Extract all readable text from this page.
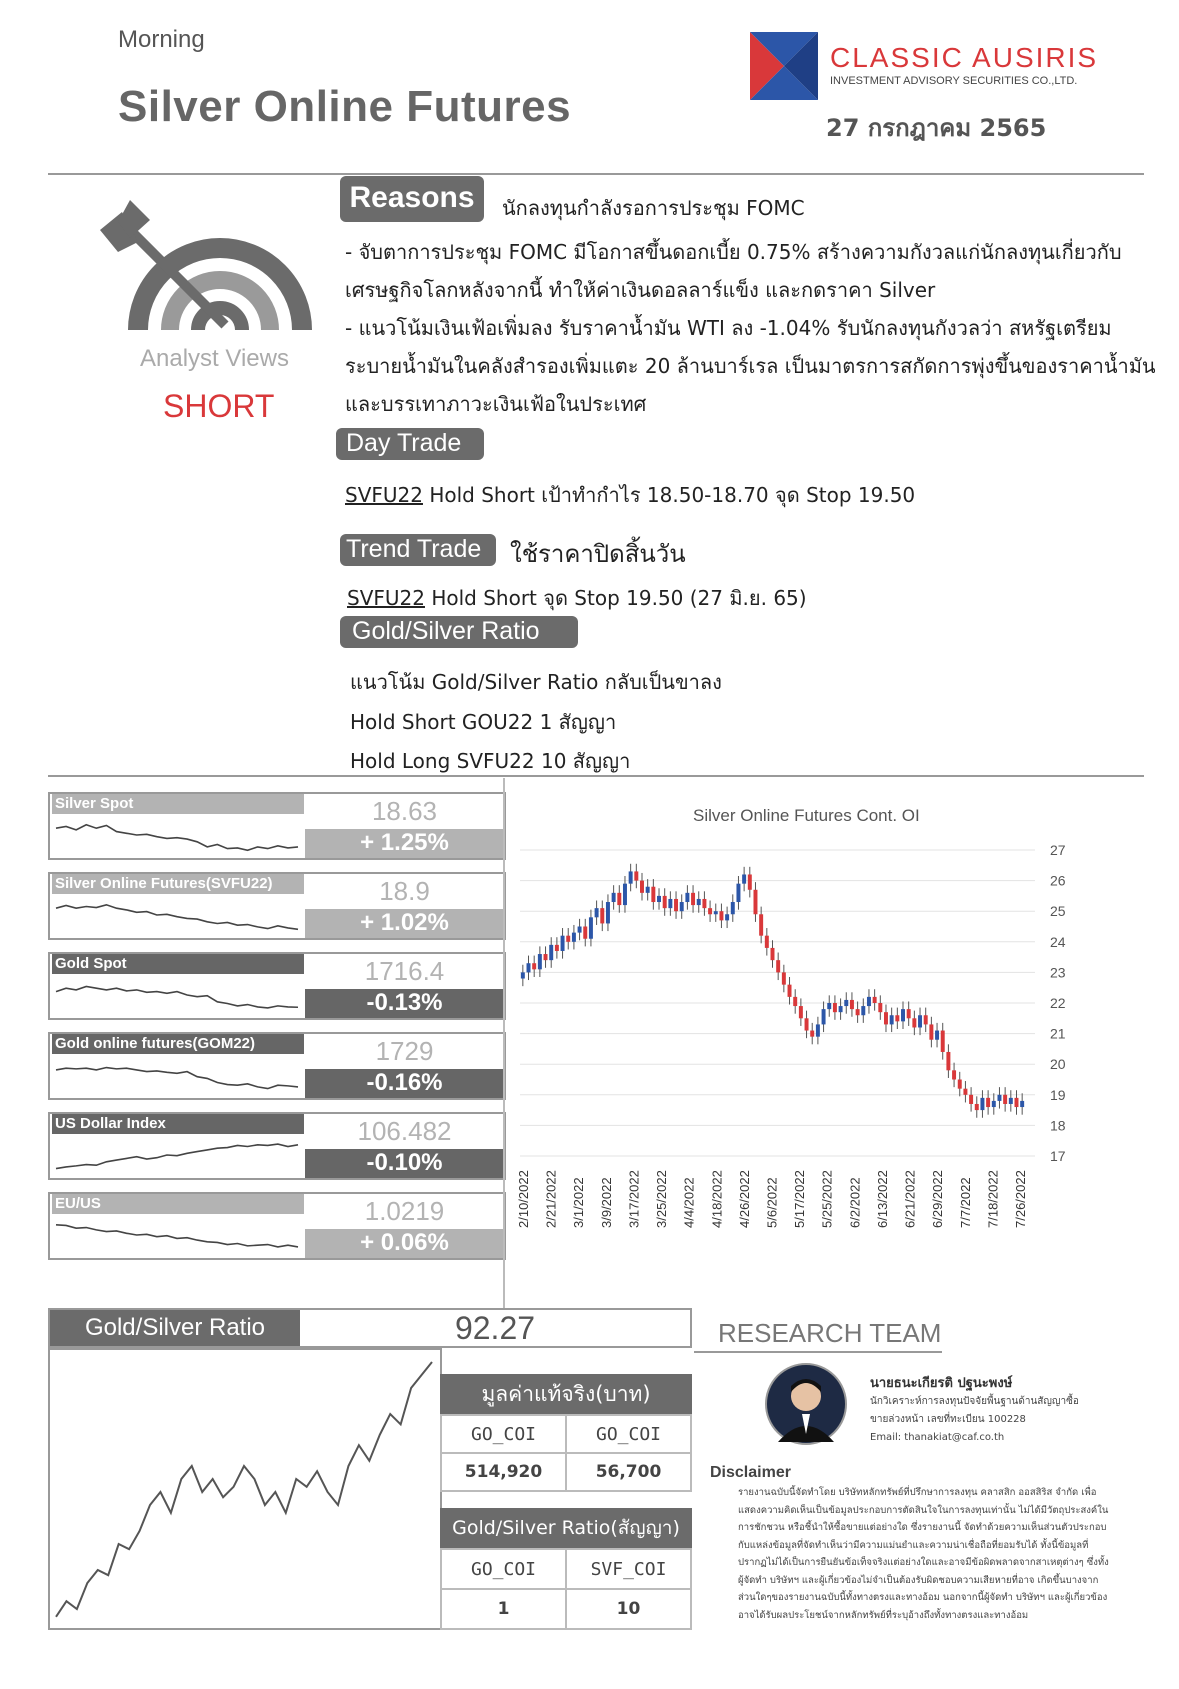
Morning
Silver Online Futures
CLASSIC AUSIRIS
INVESTMENT ADVISORY SECURITIES CO.,LTD.
27 กรกฎาคม 2565
Analyst Views
SHORT
Reasons	นักลงทุนกำลังรอการประชุม FOMC
- จับตาการประชุม FOMC มีโอกาสขึ้นดอกเบี้ย 0.75% สร้างความกังวลแก่นักลงทุนเกี่ยวกับ
เศรษฐกิจโลกหลังจากนี้ ทำให้ค่าเงินดอลลาร์แข็ง และกดราคา Silver
- แนวโน้มเงินเฟ้อเพิ่มลง รับราคาน้ำมัน WTI ลง -1.04% รับนักลงทุนกังวลว่า สหรัฐเตรียม
ระบายน้ำมันในคลังสำรองเพิ่มแตะ 20 ล้านบาร์เรล เป็นมาตรการสกัดการพุ่งขึ้นของราคาน้ำมัน
และบรรเทาภาวะเงินเฟ้อในประเทศ
Day Trade
SVFU22 Hold Short เป้าทำกำไร 18.50-18.70 จุด Stop 19.50
Trend Trade	ใช้ราคาปิดสิ้นวัน
SVFU22 Hold Short จุด Stop 19.50 (27 มิ.ย. 65)
Gold/Silver Ratio
แนวโน้ม Gold/Silver Ratio กลับเป็นขาลง
Hold Short GOU22 1 สัญญา
Hold Long SVFU22 10 สัญญา
Silver Spot	18.63
+ 1.25%
Silver Online Futures(SVFU22)	18.9
+ 1.02%
Gold Spot	1716.4
-0.13%
Gold online futures(GOM22)	1729
-0.16%
US Dollar Index	106.482
-0.10%
EU/US	1.0219
+ 0.06%
Silver Online Futures Cont. OI
17
18
19
20
21
22
23
24
25
26
27
2/10/2022 2/21/2022 3/1/2022 3/9/2022 3/17/2022 3/25/2022 4/4/2022 4/18/2022 4/26/2022 5/6/2022 5/17/2022 5/25/2022 6/2/2022 6/13/2022 6/21/2022 6/29/2022 7/7/2022 7/18/2022 7/26/2022
Gold/Silver Ratio	92.27	RESEARCH TEAM
มูลค่าแท้จริง(บาท)
GO_COI	GO_COI
514,920	56,700
Gold/Silver Ratio(สัญญา)
GO_COI	SVF_COI
1	10
นายธนะเกียรติ ปฐนะพงษ์
นักวิเคราะห์การลงทุนปัจจัยพื้นฐานด้านสัญญาซื้อ
ขายล่วงหน้า เลขที่ทะเบียน 100228
Email: thanakiat@caf.co.th
Disclaimer
รายงานฉบับนี้จัดทำโดย บริษัทหลักทรัพย์ที่ปรึกษาการลงทุน คลาสสิก ออสสิริส จำกัด เพื่อ
แสดงความคิดเห็นเป็นข้อมูลประกอบการตัดสินใจในการลงทุนเท่านั้น ไม่ได้มีวัตถุประสงค์ใน
การชักชวน หรือชี้นำให้ซื้อขายแต่อย่างใด ซึ่งรายงานนี้ จัดทำด้วยความเห็นส่วนตัวประกอบ
กับแหล่งข้อมูลที่จัดทำเห็นว่ามีความแม่นยำและความน่าเชื่อถือที่ยอมรับได้ ทั้งนี้ข้อมูลที่
ปรากฏไม่ได้เป็นการยืนยันข้อเท็จจริงแต่อย่างใดและอาจมีข้อผิดพลาดจากสาเหตุต่างๆ ซึ่งทั้ง
ผู้จัดทำ บริษัทฯ และผู้เกี่ยวข้องไม่จำเป็นต้องรับผิดชอบความเสียหายที่อาจ เกิดขึ้นบางจาก
ส่วนใดๆของรายงานฉบับนี้ทั้งทางตรงและทางอ้อม นอกจากนี้ผู้จัดทำ บริษัทฯ และผู้เกี่ยวข้อง
อาจได้รับผลประโยชน์จากหลักทรัพย์ที่ระบุอ้างถึงทั้งทางตรงและทางอ้อม
